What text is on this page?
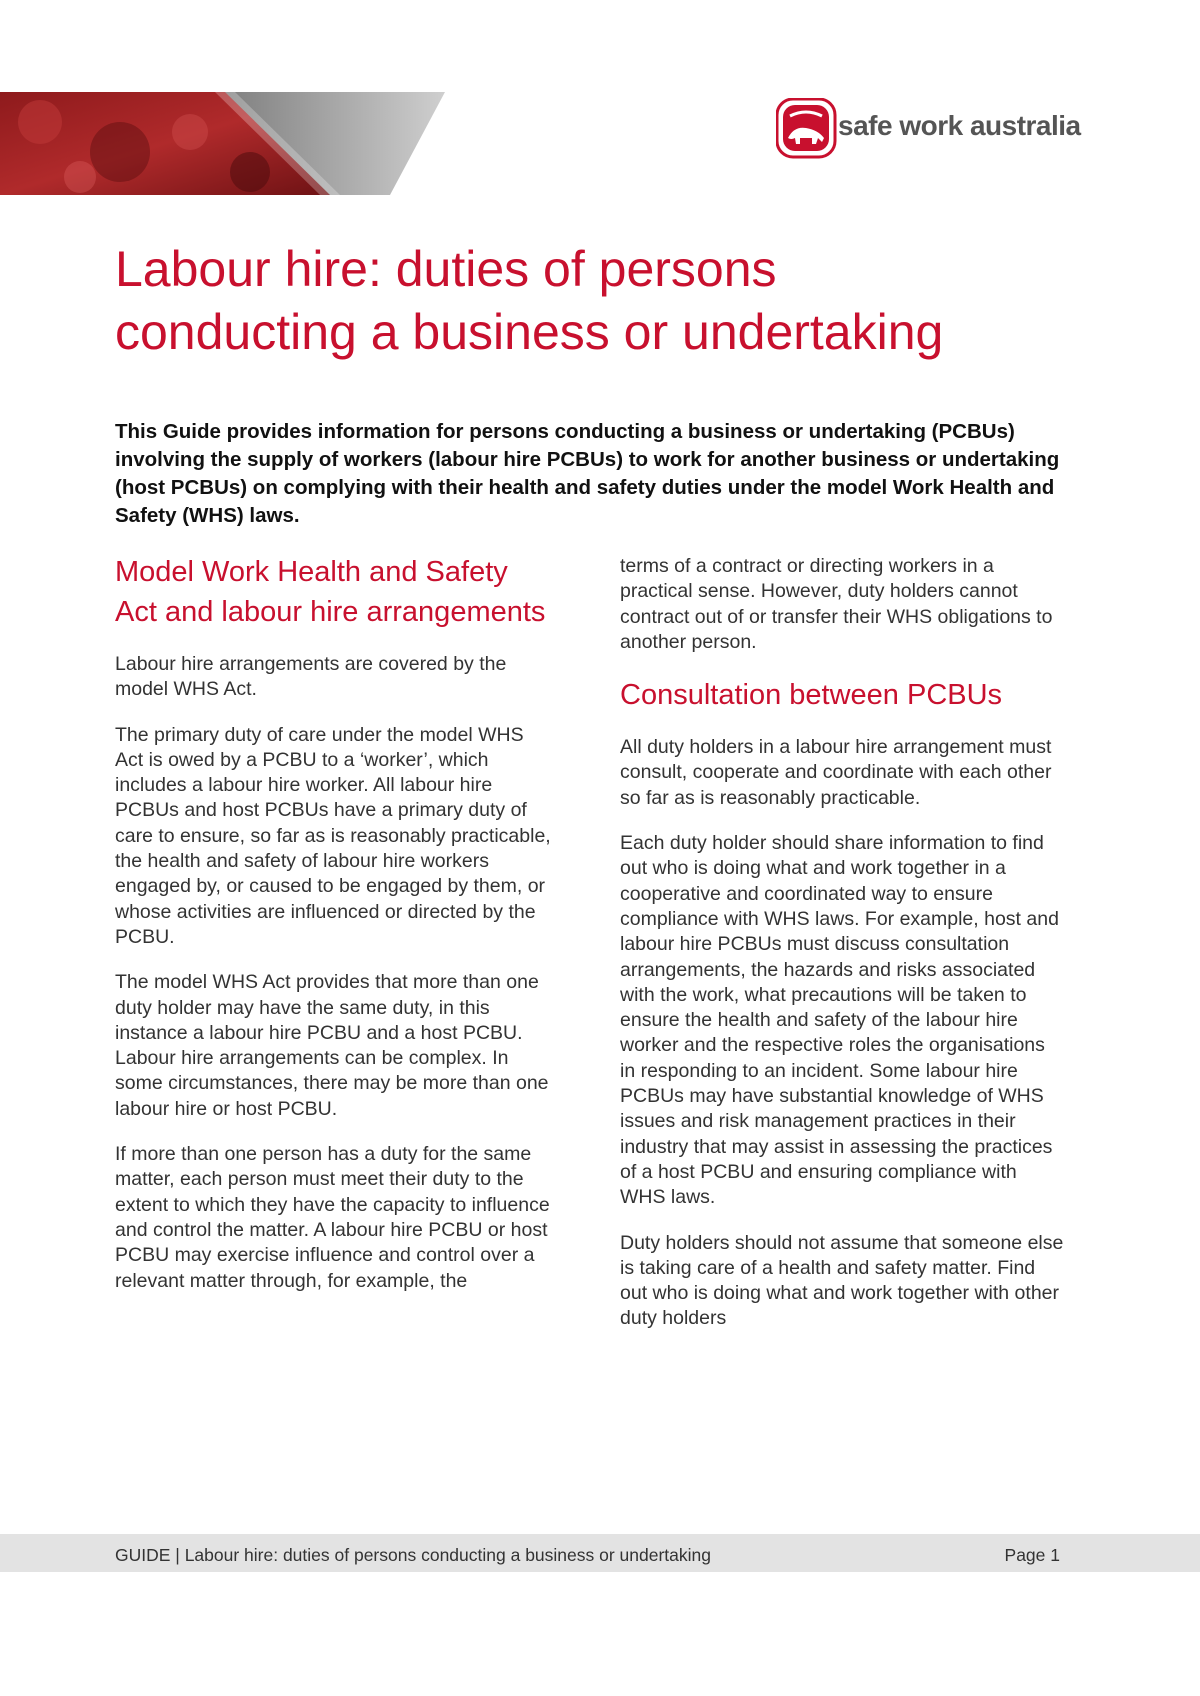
safe work australia
Labour hire: duties of persons
conducting a business or undertaking

This Guide provides information for persons conducting a business or undertaking (PCBUs) involving the supply of workers (labour hire PCBUs) to work for another business or undertaking (host PCBUs) on complying with their health and safety duties under the model Work Health and Safety (WHS) laws.

Model Work Health and Safety Act and labour hire arrangements

Labour hire arrangements are covered by the model WHS Act.

The primary duty of care under the model WHS Act is owed by a PCBU to a ‘worker’, which includes a labour hire worker. All labour hire PCBUs and host PCBUs have a primary duty of care to ensure, so far as is reasonably practicable, the health and safety of labour hire workers engaged by, or caused to be engaged by them, or whose activities are influenced or directed by the PCBU.

The model WHS Act provides that more than one duty holder may have the same duty, in this instance a labour hire PCBU and a host PCBU. Labour hire arrangements can be complex. In some circumstances, there may be more than one labour hire or host PCBU.

If more than one person has a duty for the same matter, each person must meet their duty to the extent to which they have the capacity to influence and control the matter. A labour hire PCBU or host PCBU may exercise influence and control over a relevant matter through, for example, the

terms of a contract or directing workers in a practical sense. However, duty holders cannot contract out of or transfer their WHS obligations to another person.

Consultation between PCBUs

All duty holders in a labour hire arrangement must consult, cooperate and coordinate with each other so far as is reasonably practicable.

Each duty holder should share information to find out who is doing what and work together in a cooperative and coordinated way to ensure compliance with WHS laws. For example, host and labour hire PCBUs must discuss consultation arrangements, the hazards and risks associated with the work, what precautions will be taken to ensure the health and safety of the labour hire worker and the respective roles the organisations in responding to an incident. Some labour hire PCBUs may have substantial knowledge of WHS issues and risk management practices in their industry that may assist in assessing the practices of a host PCBU and ensuring compliance with WHS laws.

Duty holders should not assume that someone else is taking care of a health and safety matter. Find out who is doing what and work together with other duty holders

GUIDE | Labour hire: duties of persons conducting a business or undertaking	Page 1
